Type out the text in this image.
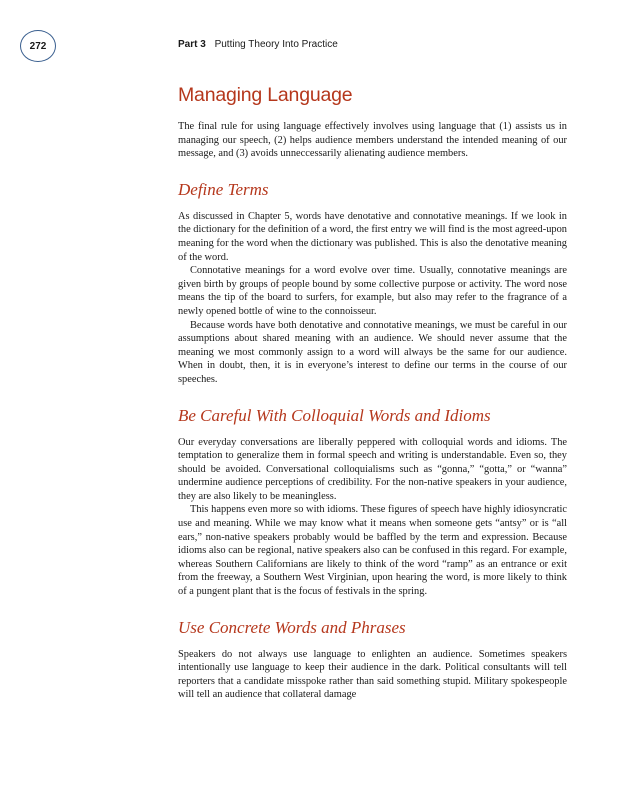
272	Part 3 Putting Theory Into Practice
Managing Language

The final rule for using language effectively involves using language that (1) assists us in managing our speech, (2) helps audience members understand the intended meaning of our message, and (3) avoids unneccessarily alienating audience members.

Define Terms

As discussed in Chapter 5, words have denotative and connotative meanings. If we look in the dictionary for the definition of a word, the first entry we will find is the most agreed-upon meaning for the word when the dictionary was published. This is also the denotative meaning of the word.

Connotative meanings for a word evolve over time. Usually, connotative meanings are given birth by groups of people bound by some collective purpose or activity. The word nose means the tip of the board to surfers, for example, but also may refer to the fragrance of a newly opened bottle of wine to the connoisseur.

Because words have both denotative and connotative meanings, we must be careful in our assumptions about shared meaning with an audience. We should never assume that the meaning we most commonly assign to a word will always be the same for our audience. When in doubt, then, it is in everyone’s interest to define our terms in the course of our speeches.

Be Careful With Colloquial Words and Idioms

Our everyday conversations are liberally peppered with colloquial words and idioms. The temptation to generalize them in formal speech and writing is understandable. Even so, they should be avoided. Conversational colloquialisms such as “gonna,” “gotta,” or “wanna” undermine audience perceptions of credibility. For the non-native speakers in your audience, they are also likely to be meaningless.

This happens even more so with idioms. These figures of speech have highly idiosyncratic use and meaning. While we may know what it means when someone gets “antsy” or is “all ears,” non-native speakers probably would be baffled by the term and expression. Because idioms also can be regional, native speakers also can be confused in this regard. For example, whereas Southern Californians are likely to think of the word “ramp” as an entrance or exit from the freeway, a Southern West Virginian, upon hearing the word, is more likely to think of a pungent plant that is the focus of festivals in the spring.

Use Concrete Words and Phrases

Speakers do not always use language to enlighten an audience. Sometimes speakers intentionally use language to keep their audience in the dark. Political consultants will tell reporters that a candidate misspoke rather than said something stupid. Military spokespeople will tell an audience that collateral damage
